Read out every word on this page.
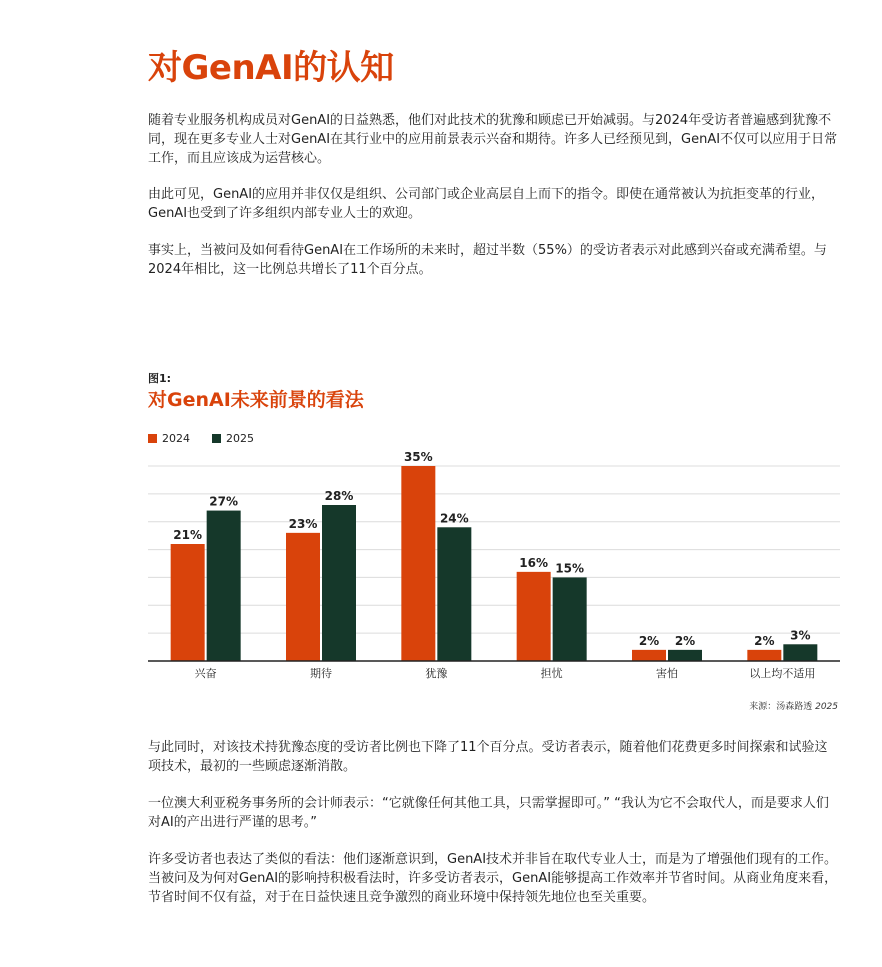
对GenAI的认知

随着专业服务机构成员对GenAI的日益熟悉，他们对此技术的犹豫和顾虑已开始减弱。与2024年受访者普遍感到犹豫不同，现在更多专业人士对GenAI在其行业中的应用前景表示兴奋和期待。许多人已经预见到，GenAI不仅可以应用于日常工作，而且应该成为运营核心。

由此可见，GenAI的应用并非仅仅是组织、公司部门或企业高层自上而下的指令。即使在通常被认为抗拒变革的行业，GenAI也受到了许多组织内部专业人士的欢迎。

事实上，当被问及如何看待GenAI在工作场所的未来时，超过半数（55%）的受访者表示对此感到兴奋或充满希望。与2024年相比，这一比例总共增长了11个百分点。

图1:
对GenAI未来前景的看法
2024	2025
21%
27%
兴奋
23%
28%
期待
35%
24%
犹豫
16% 15%
担忧
2% 2%
害怕
2% 3%
以上均不适用
来源：汤森路透 2025

与此同时，对该技术持犹豫态度的受访者比例也下降了11个百分点。受访者表示，随着他们花费更多时间探索和试验这项技术，最初的一些顾虑逐渐消散。

一位澳大利亚税务事务所的会计师表示：“它就像任何其他工具，只需掌握即可。” “我认为它不会取代人，而是要求人们对AI的产出进行严谨的思考。”

许多受访者也表达了类似的看法：他们逐渐意识到，GenAI技术并非旨在取代专业人士，而是为了增强他们现有的工作。当被问及为何对GenAI的影响持积极看法时，许多受访者表示，GenAI能够提高工作效率并节省时间。从商业角度来看，节省时间不仅有益，对于在日益快速且竞争激烈的商业环境中保持领先地位也至关重要。
